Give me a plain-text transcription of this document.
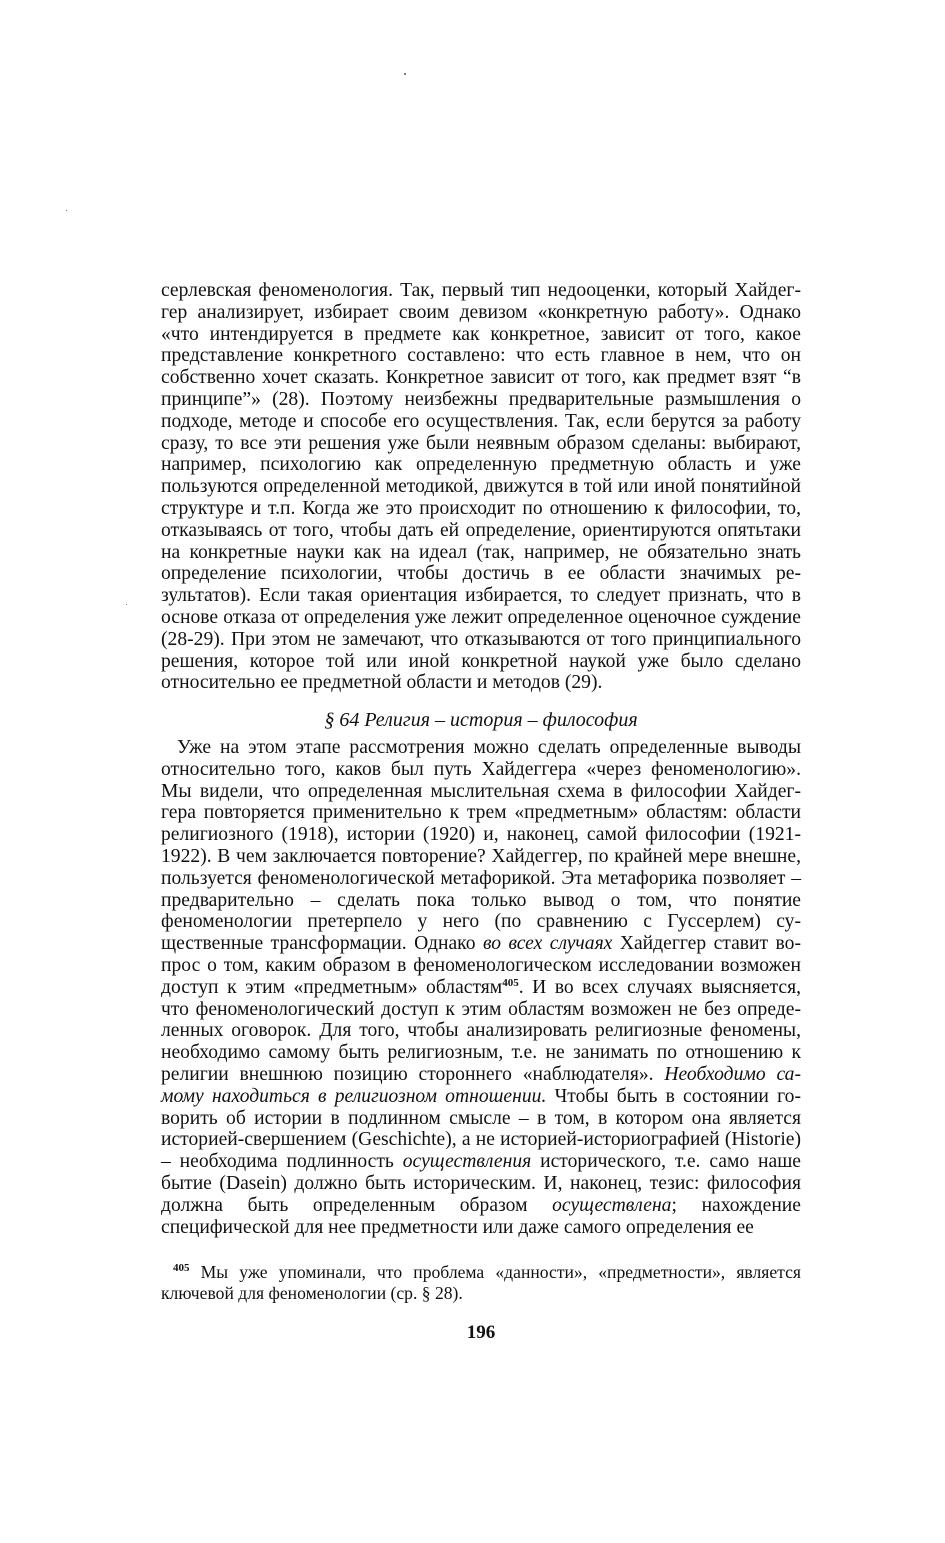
серлевская феноменология. Так, первый тип недооценки, который Хайдеггер анализирует, избирает своим девизом «конкретную работу». Однако «что интендируется в предмете как конкретное, зависит от того, какое представление конкретного составлено: что есть главное в нем, что он собственно хочет сказать. Конкретное зависит от того, как предмет взят “в принципе”» (28). Поэтому неизбежны предварительные размышления о подходе, методе и способе его осуществления. Так, если берутся за работу сразу, то все эти решения уже были неявным образом сделаны: выбирают, например, психологию как определенную предметную область и уже пользуются определенной методикой, движутся в той или иной понятийной структуре и т.п. Когда же это происходит по отношению к философии, то, отказываясь от того, чтобы дать ей определение, ориентируются опятьтаки на конкретные науки как на идеал (так, например, не обязательно знать определение психологии, чтобы достичь в ее области значимых результатов). Если такая ориентация избирается, то следует признать, что в основе отказа от определения уже лежит определенное оценочное суждение (28-29). При этом не замечают, что отказываются от того принципиального решения, которое той или иной конкретной наукой уже было сделано относительно ее предметной области и методов (29).

§ 64 Религия – история – философия

Уже на этом этапе рассмотрения можно сделать определенные выводы относительно того, каков был путь Хайдеггера «через феноменологию». Мы видели, что определенная мыслительная схема в философии Хайдеггера повторяется применительно к трем «предметным» областям: области религиозного (1918), истории (1920) и, наконец, самой философии (19211922). В чем заключается повторение? Хайдеггер, по крайней мере внешне, пользуется феноменологической метафорикой. Эта метафорика позволяет – предварительно – сделать пока только вывод о том, что понятие феноменологии претерпело у него (по сравнению с Гуссерлем) существенные трансформации. Однако во всех случаях Хайдеггер ставит вопрос о том, каким образом в феноменологическом исследовании возможен доступ к этим «предметным» областям$^{405}$. И во всех случаях выясняется, что феноменологический доступ к этим областям возможен не без определенных оговорок. Для того, чтобы анализировать религиозные феномены, необходимо самому быть религиозным, т.е. не занимать по отношению к религии внешнюю позицию стороннего «наблюдателя». Необходимо самому находиться в религиозном отношении. Чтобы быть в состоянии говорить об истории в подлинном смысле – в том, в котором она является историей-свершением (Geschichte), а не историей-историографией (Historie) – необходима подлинность осуществления исторического, т.е. само наше бытие (Dasein) должно быть историческим. И, наконец, тезис: философия должна быть определенным образом осуществлена; нахождение специфической для нее предметности или даже самого определения ее

$^{405}$ Мы уже упоминали, что проблема «данности», «предметности», является ключевой для феноменологии (ср. § 28).

196
